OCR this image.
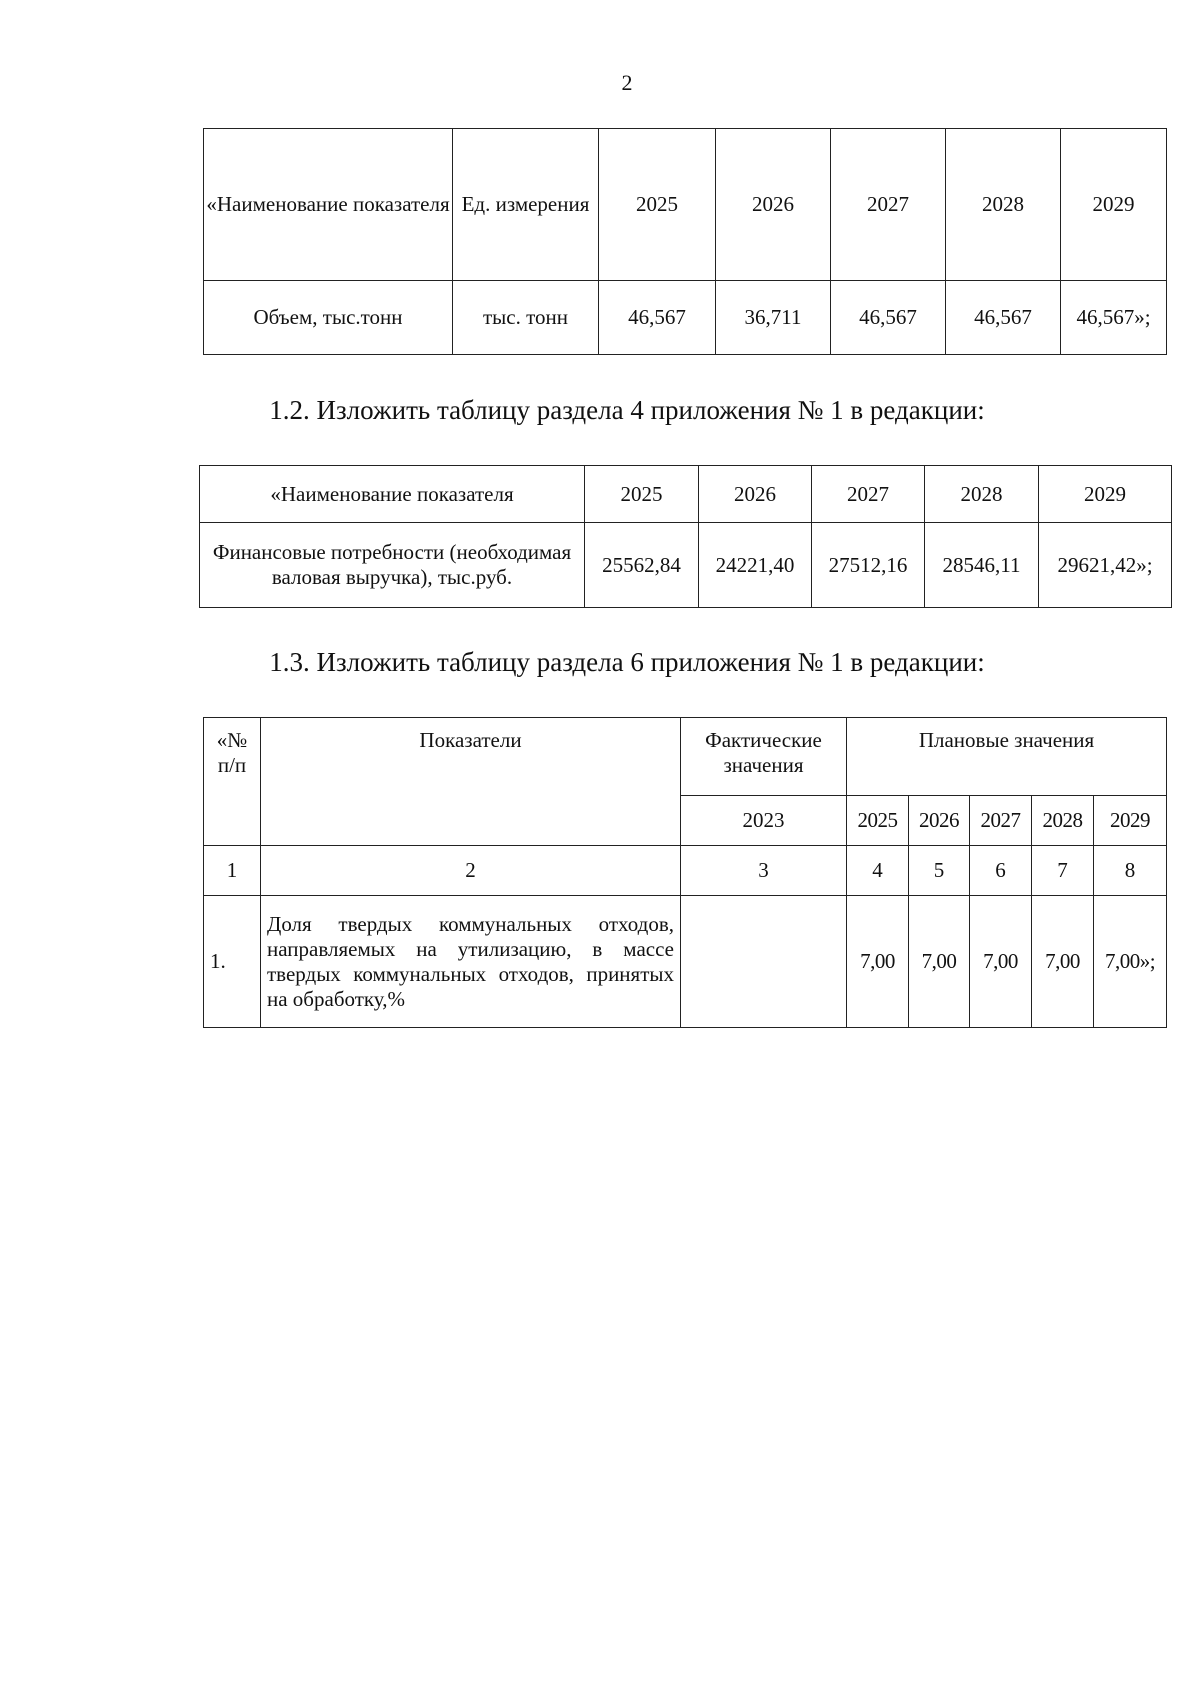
2
«Наименование показателя	Ед. измерения	2025	2026	2027	2028	2029
Объем, тыс.тонн	тыс. тонн	46,567	36,711	46,567	46,567	46,567»;
1.2. Изложить таблицу раздела 4 приложения № 1 в редакции:
«Наименование показателя	2025	2026	2027	2028	2029
Финансовые потребности (необходимая валовая выручка), тыс.руб.	25562,84	24221,40	27512,16	28546,11	29621,42»;
1.3. Изложить таблицу раздела 6 приложения № 1 в редакции:
«№ п/п	Показатели	Фактические значения	Плановые значения				
		2023	2025	2026	2027	2028	2029
1	2	3	4	5	6	7	8
1.	Доля твердых коммунальных отходов, направляемых на утилизацию, в массе твердых коммунальных отходов, принятых на обработку,%		7,00	7,00	7,00	7,00	7,00»;
